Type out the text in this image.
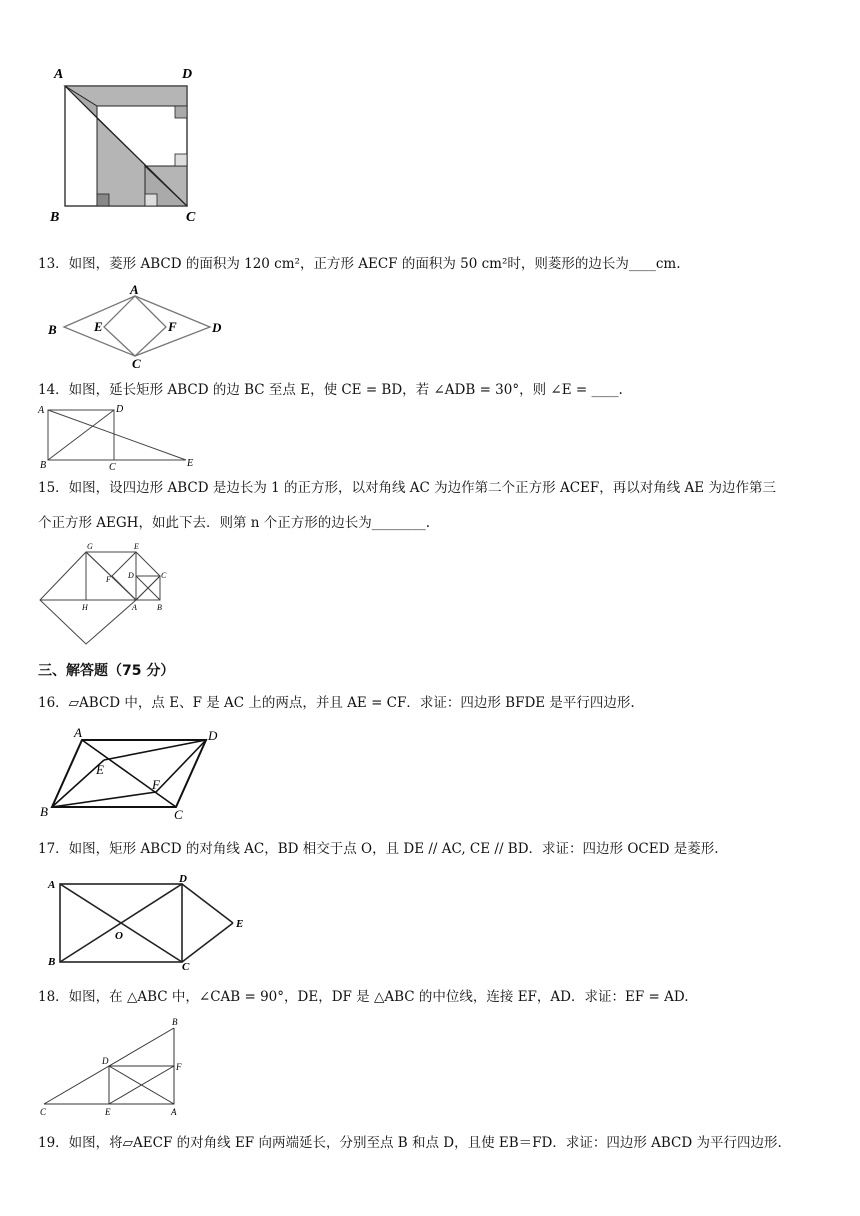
A	D
B	C
13．如图，菱形 ABCD 的面积为 120 cm²，正方形 AECF 的面积为 50 cm²时，则菱形的边长为____cm.
A
B
C
D
E	F
14．如图，延长矩形 ABCD 的边 BC 至点 E，使 CE = BD，若 ∠ADB = 30°，则 ∠E = ____.
A	D
B	C	E
15．如图，设四边形 ABCD 是边长为 1 的正方形，以对角线 AC 为边作第二个正方形 ACEF，再以对角线 AE 为边作第三
个正方形 AEGH，如此下去．则第 n 个正方形的边长为________.
G	E
F D	C
H	A	B
三、解答题（75 分）
16．▱ABCD 中，点 E、F 是 AC 上的两点，并且 AE = CF．求证：四边形 BFDE 是平行四边形.
A	D
B	C
E
F
17．如图，矩形 ABCD 的对角线 AC，BD 相交于点 O，且 DE // AC, CE // BD．求证：四边形 OCED 是菱形.
A	D
B	C
E
O
18．如图，在 △ABC 中，∠CAB = 90°，DE，DF 是 △ABC 的中位线，连接 EF，AD．求证：EF = AD.
B
D
F
C	E	A
19．如图，将▱AECF 的对角线 EF 向两端延长，分别至点 B 和点 D，且使 EB＝FD．求证：四边形 ABCD 为平行四边形.
